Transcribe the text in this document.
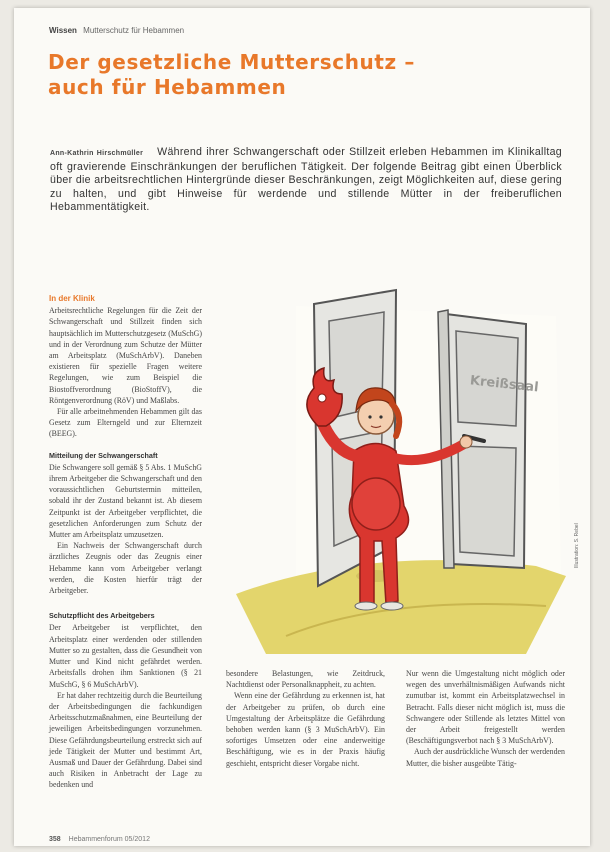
Wissen Mutterschutz für Hebammen
Der gesetzliche Mutterschutz –
auch für Hebammen
Ann-Kathrin Hirschmüller Während ihrer Schwangerschaft oder Stillzeit erleben Hebammen im Klinikalltag oft gravierende Einschränkungen der beruflichen Tätigkeit. Der folgende Beitrag gibt einen Überblick über die arbeitsrechtlichen Hintergründe dieser Beschränkungen, zeigt Möglichkeiten auf, diese gering zu halten, und gibt Hinweise für werdende und stillende Mütter in der freiberuflichen Hebammentätigkeit.

In der Klinik

Arbeitsrechtliche Regelungen für die Zeit der Schwangerschaft und Stillzeit finden sich hauptsächlich im Mutterschutzgesetz (MuSchG) und in der Verordnung zum Schutze der Mütter am Arbeitsplatz (MuSchArbV). Daneben existieren für spezielle Fragen weitere Regelungen, wie zum Beispiel die Biostoffverordnung (BioStoffV), die Röntgenverordnung (RöV) und Maßlabs.

Für alle arbeitnehmenden Hebammen gilt das Gesetz zum Elterngeld und zur Elternzeit (BEEG).

Mitteilung der Schwangerschaft

Die Schwangere soll gemäß § 5 Abs. 1 MuSchG ihrem Arbeitgeber die Schwangerschaft und den voraussichtlichen Geburtstermin mitteilen, sobald ihr der Zustand bekannt ist. Ab diesem Zeitpunkt ist der Arbeitgeber verpflichtet, die gesetzlichen Anforderungen zum Schutz der Mutter am Arbeitsplatz umzusetzen.

Ein Nachweis der Schwangerschaft durch ärztliches Zeugnis oder das Zeugnis einer Hebamme kann vom Arbeitgeber verlangt werden, die Kosten hierfür trägt der Arbeitgeber.

Schutzpflicht des Arbeitgebers

Der Arbeitgeber ist verpflichtet, den Arbeitsplatz einer werdenden oder stillenden Mutter so zu gestalten, dass die Gesundheit von Mutter und Kind nicht gefährdet werden. Arbeitsfalls drohen ihm Sanktionen (§ 21 MuSchG, § 6 MuSchArbV).

Er hat daher rechtzeitig durch die Beurteilung der Arbeitsbedingungen die fachkundigen Arbeitsschutzmaßnahmen, eine Beurteilung der jeweiligen Arbeitsbedingungen vorzunehmen. Diese Gefährdungsbeurteilung erstreckt sich auf jede Tätigkeit der Mutter und bestimmt Art, Ausmaß und Dauer der Gefährdung. Dabei sind auch Risiken in Anbetracht der Lage zu bedenken und

Kreißsaal
Illustration: S. Rebel

besondere Belastungen, wie Zeitdruck, Nachtdienst oder Personalknappheit, zu achten.

Wenn eine der Gefährdung zu erkennen ist, hat der Arbeitgeber zu prüfen, ob durch eine Umgestaltung der Arbeitsplätze die Gefährdung behoben werden kann (§ 3 MuSchArbV). Ein sofortiges Umsetzen oder eine anderweitige Beschäftigung, wie es in der Praxis häufig geschieht, entspricht dieser Vorgabe nicht.

Nur wenn die Umgestaltung nicht möglich oder wegen des unverhältnismäßigen Aufwands nicht zumutbar ist, kommt ein Arbeitsplatzwechsel in Betracht. Falls dieser nicht möglich ist, muss die Schwangere oder Stillende als letztes Mittel von der Arbeit freigestellt werden (Beschäftigungsverbot nach § 3 MuSchArbV).

Auch der ausdrückliche Wunsch der werdenden Mutter, die bisher ausgeübte Tätig-

358 Hebammenforum 05/2012
